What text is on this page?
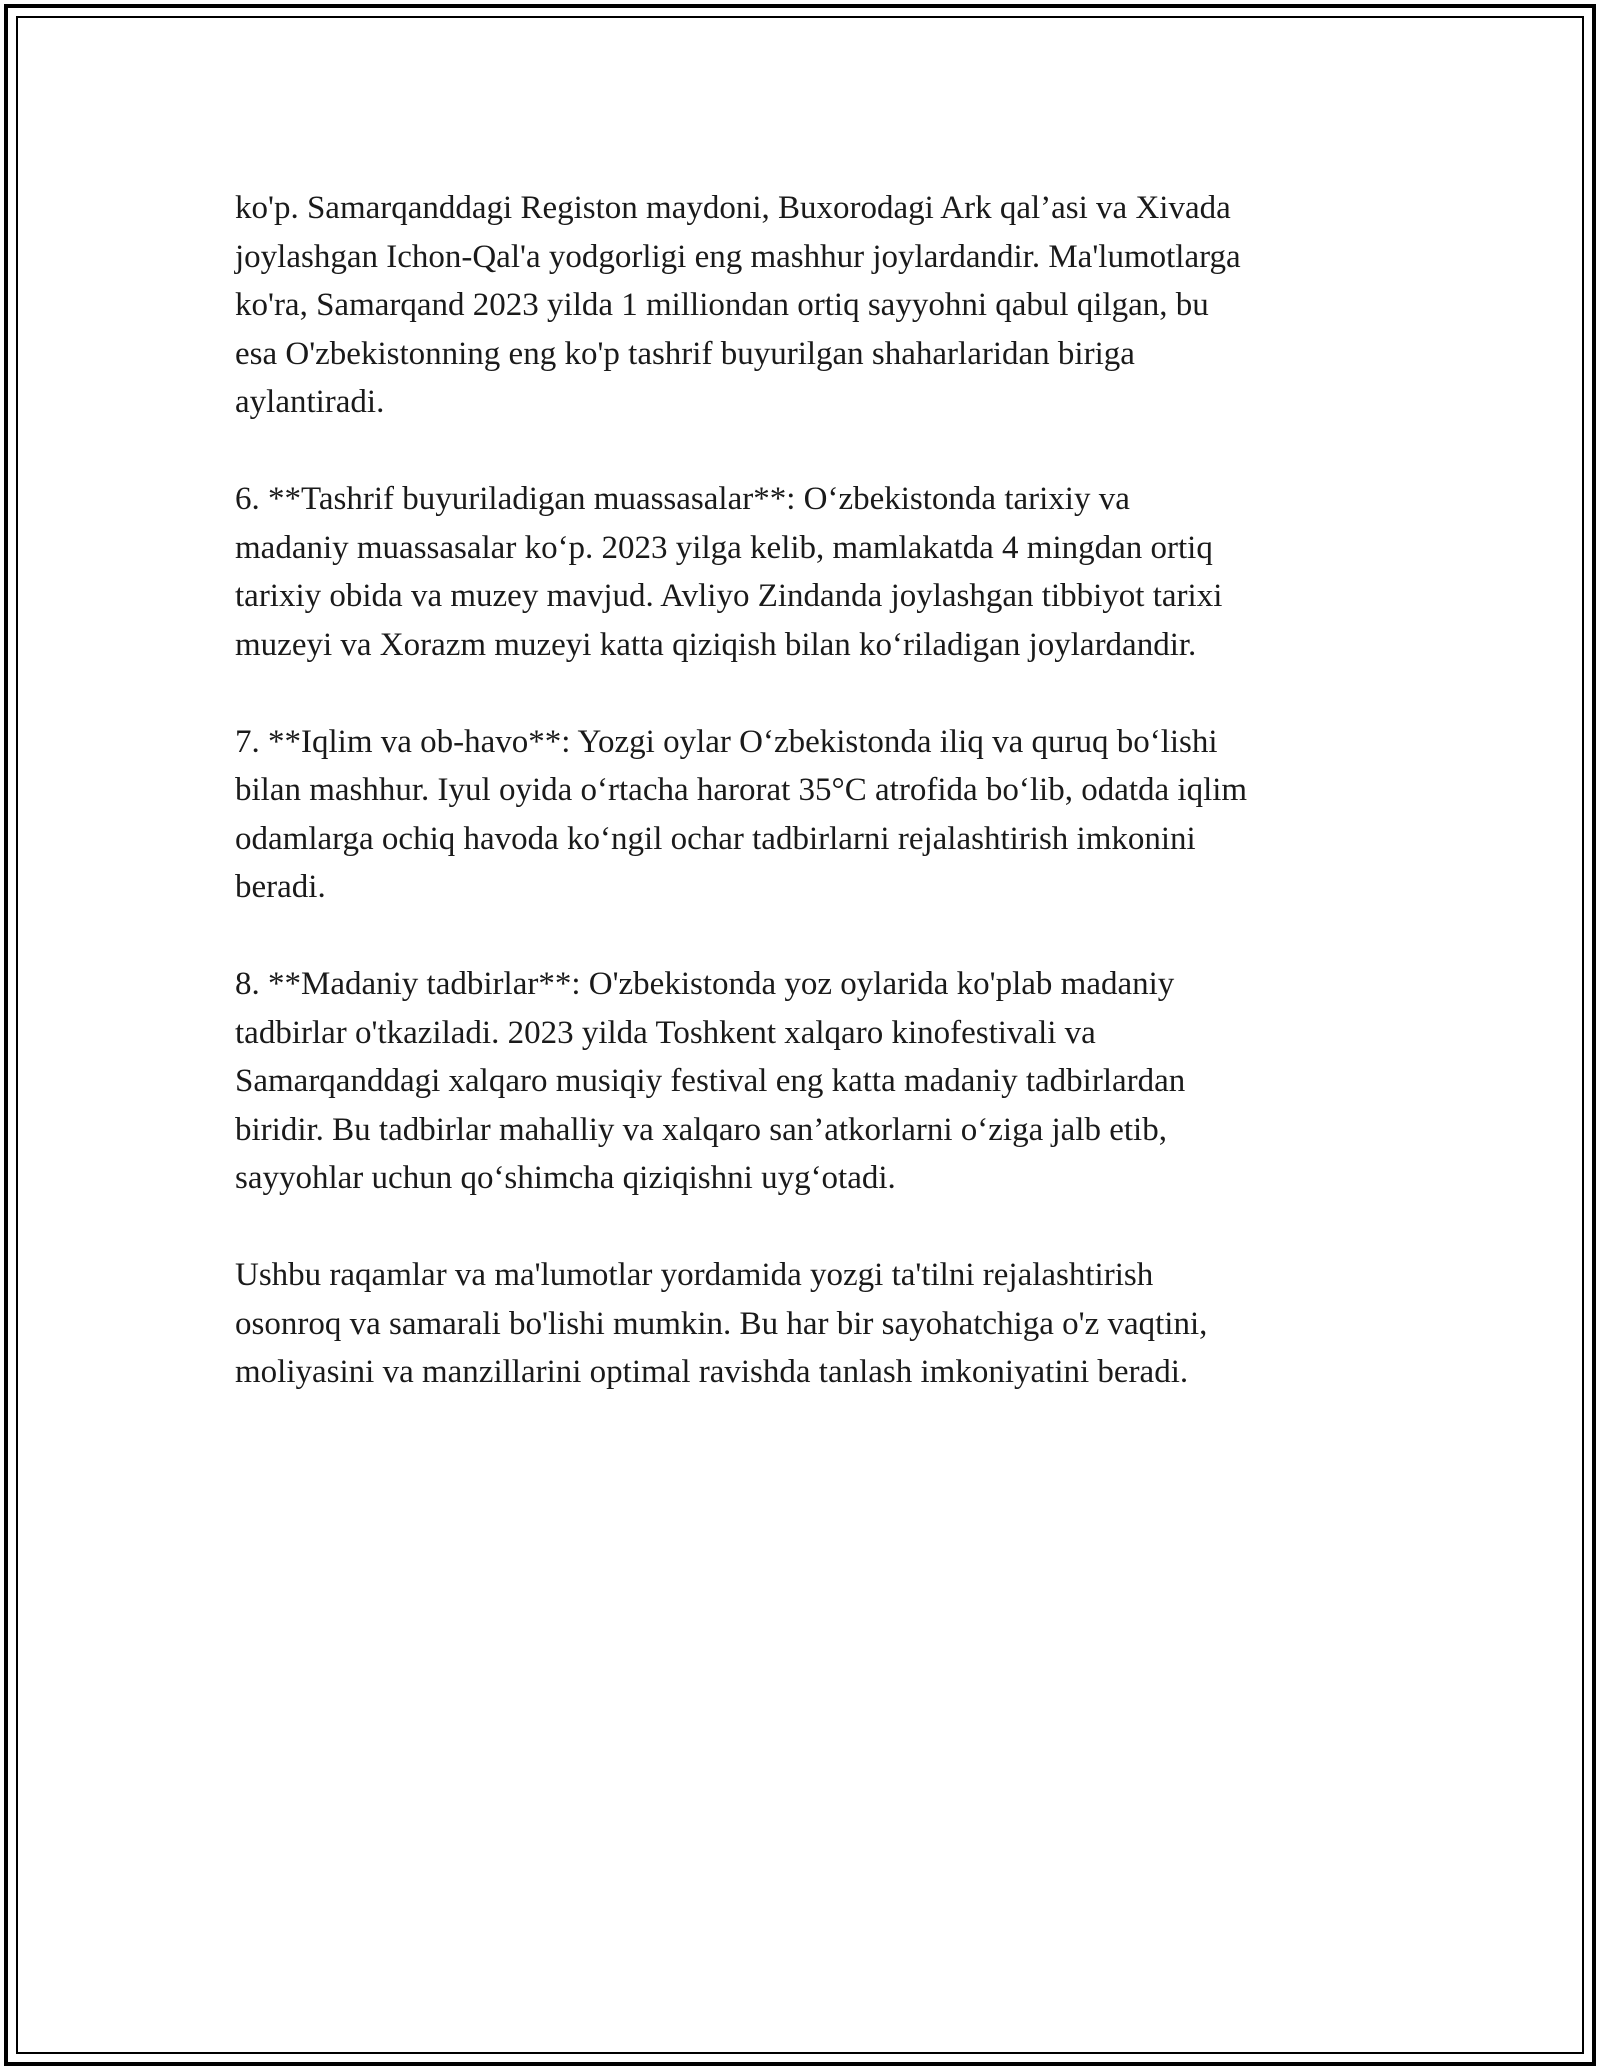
ko'p. Samarqanddagi Registon maydoni, Buxorodagi Ark qal’asi va Xivada
joylashgan Ichon-Qal'a yodgorligi eng mashhur joylardandir. Ma'lumotlarga
ko'ra, Samarqand 2023 yilda 1 milliondan ortiq sayyohni qabul qilgan, bu
esa O'zbekistonning eng ko'p tashrif buyurilgan shaharlaridan biriga
aylantiradi.

6. **Tashrif buyuriladigan muassasalar**: O‘zbekistonda tarixiy va
madaniy muassasalar ko‘p. 2023 yilga kelib, mamlakatda 4 mingdan ortiq
tarixiy obida va muzey mavjud. Avliyo Zindanda joylashgan tibbiyot tarixi
muzeyi va Xorazm muzeyi katta qiziqish bilan ko‘riladigan joylardandir.

7. **Iqlim va ob-havo**: Yozgi oylar O‘zbekistonda iliq va quruq bo‘lishi
bilan mashhur. Iyul oyida o‘rtacha harorat 35°C atrofida bo‘lib, odatda iqlim
odamlarga ochiq havoda ko‘ngil ochar tadbirlarni rejalashtirish imkonini
beradi.

8. **Madaniy tadbirlar**: O'zbekistonda yoz oylarida ko'plab madaniy
tadbirlar o'tkaziladi. 2023 yilda Toshkent xalqaro kinofestivali va
Samarqanddagi xalqaro musiqiy festival eng katta madaniy tadbirlardan
biridir. Bu tadbirlar mahalliy va xalqaro san’atkorlarni o‘ziga jalb etib,
sayyohlar uchun qo‘shimcha qiziqishni uyg‘otadi.

Ushbu raqamlar va ma'lumotlar yordamida yozgi ta'tilni rejalashtirish
osonroq va samarali bo'lishi mumkin. Bu har bir sayohatchiga o'z vaqtini,
moliyasini va manzillarini optimal ravishda tanlash imkoniyatini beradi.
